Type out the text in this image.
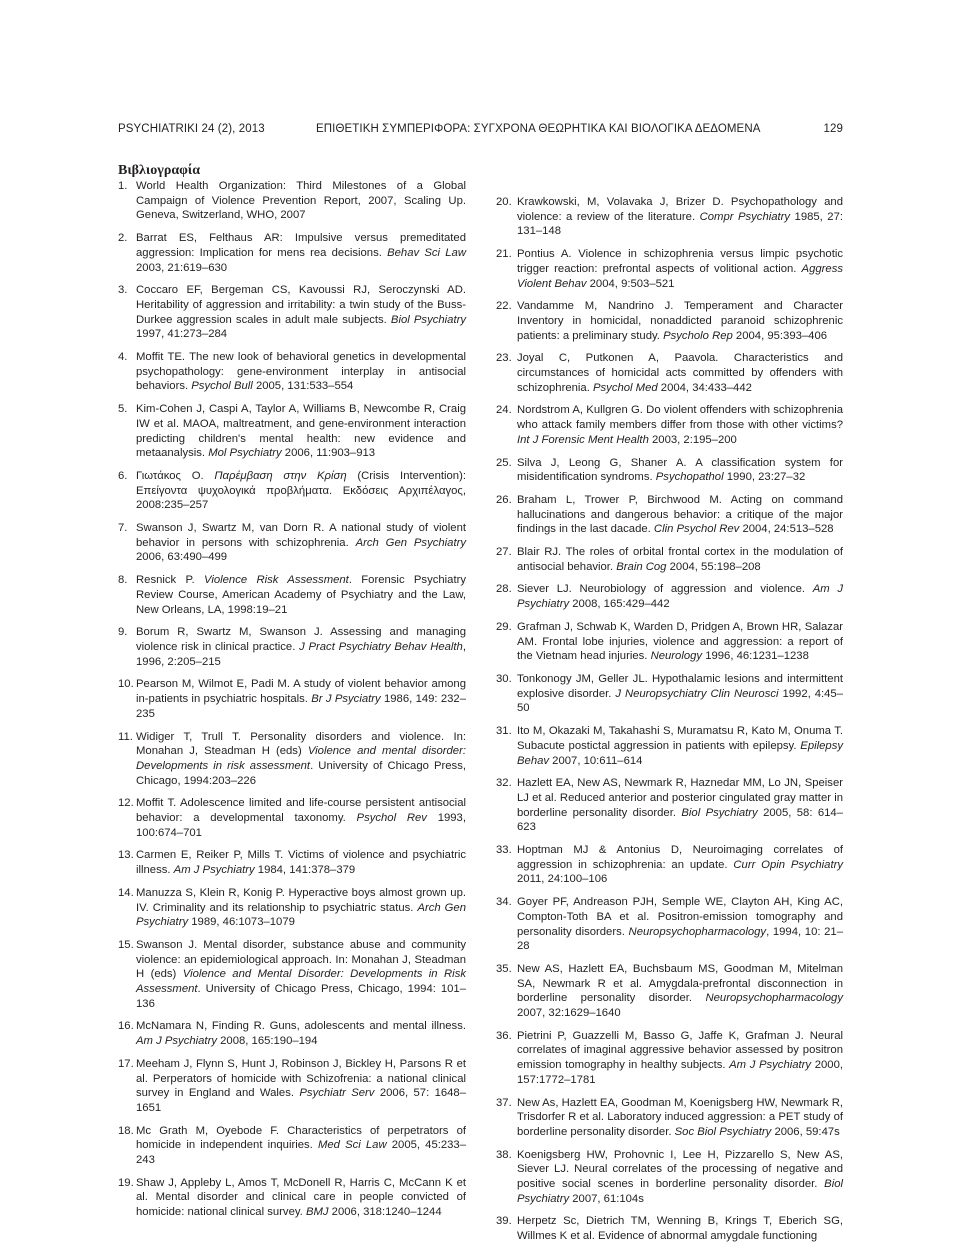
PSYCHIATRIKI 24 (2), 2013	ΕΠΙΘΕΤΙΚΗ ΣΥΜΠΕΡΙΦΟΡΑ: ΣΥΓΧΡΟΝΑ ΘΕΩΡΗΤΙΚΑ ΚΑΙ ΒΙΟΛΟΓΙΚΑ ΔΕΔΟΜΕΝΑ	129
Βιβλιογραφία
1. World Health Organization: Third Milestones of a Global Campaign of Violence Prevention Report, 2007, Scaling Up. Geneva, Switzerland, WHO, 2007
2. Barrat ES, Felthaus AR: Impulsive versus premeditated aggression: Implication for mens rea decisions. Behav Sci Law 2003, 21:619–630
3. Coccaro EF, Bergeman CS, Kavoussi RJ, Seroczynski AD. Heritability of aggression and irritability: a twin study of the Buss-Durkee aggression scales in adult male subjects. Biol Psychiatry 1997, 41:273–284
4. Moffit TE. The new look of behavioral genetics in developmental psychopathology: gene-environment interplay in antisocial behaviors. Psychol Bull 2005, 131:533–554
5. Kim-Cohen J, Caspi A, Taylor A, Williams B, Newcombe R, Craig IW et al. MAOA, maltreatment, and gene-environment interaction predicting children's mental health: new evidence and metaanalysis. Mol Psychiatry 2006, 11:903–913
6. Γιωτάκος Ο. Παρέμβαση στην Κρίση (Crisis Intervention): Επείγοντα ψυχολογικά προβλήματα. Εκδόσεις Αρχιπέλαγος, 2008:235–257
7. Swanson J, Swartz M, van Dorn R. A national study of violent behavior in persons with schizophrenia. Arch Gen Psychiatry 2006, 63:490–499
8. Resnick P. Violence Risk Assessment. Forensic Psychiatry Review Course, American Academy of Psychiatry and the Law, New Orleans, LA, 1998:19–21
9. Borum R, Swartz M, Swanson J. Assessing and managing violence risk in clinical practice. J Pract Psychiatry Behav Health, 1996, 2:205–215
10. Pearson M, Wilmot E, Padi M. A study of violent behavior among in-patients in psychiatric hospitals. Br J Psyciatry 1986, 149: 232–235
11. Widiger T, Trull T. Personality disorders and violence. In: Monahan J, Steadman H (eds) Violence and mental disorder: Developments in risk assessment. University of Chicago Press, Chicago, 1994:203–226
12. Moffit T. Adolescence limited and life-course persistent antisocial behavior: a developmental taxonomy. Psychol Rev 1993, 100:674–701
13. Carmen E, Reiker P, Mills T. Victims of violence and psychiatric illness. Am J Psychiatry 1984, 141:378–379
14. Manuzza S, Klein R, Konig P. Hyperactive boys almost grown up. IV. Criminality and its relationship to psychiatric status. Arch Gen Psychiatry 1989, 46:1073–1079
15. Swanson J. Mental disorder, substance abuse and community violence: an epidemiological approach. In: Monahan J, Steadman H (eds) Violence and Mental Disorder: Developments in Risk Assessment. University of Chicago Press, Chicago, 1994: 101–136
16. McNamara N, Finding R. Guns, adolescents and mental illness. Am J Psychiatry 2008, 165:190–194
17. Meeham J, Flynn S, Hunt J, Robinson J, Bickley H, Parsons R et al. Perperators of homicide with Schizofrenia: a national clinical survey in England and Wales. Psychiatr Serv 2006, 57: 1648–1651
18. Mc Grath M, Oyebode F. Characteristics of perpetrators of homicide in independent inquiries. Med Sci Law 2005, 45:233–243
19. Shaw J, Appleby L, Amos T, McDonell R, Harris C, McCann K et al. Mental disorder and clinical care in people convicted of homicide: national clinical survey. BMJ 2006, 318:1240–1244
20. Krawkowski, M, Volavaka J, Brizer D. Psychopathology and violence: a review of the literature. Compr Psychiatry 1985, 27: 131–148
21. Pontius A. Violence in schizophrenia versus limpic psychotic trigger reaction: prefrontal aspects of volitional action. Aggress Violent Behav 2004, 9:503–521
22. Vandamme M, Nandrino J. Temperament and Character Inventory in homicidal, nonaddicted paranoid schizophrenic patients: a preliminary study. Psycholo Rep 2004, 95:393–406
23. Joyal C, Putkonen A, Paavola. Characteristics and circumstances of homicidal acts committed by offenders with schizophrenia. Psychol Med 2004, 34:433–442
24. Nordstrom A, Kullgren G. Do violent offenders with schizophrenia who attack family members differ from those with other victims? Int J Forensic Ment Health 2003, 2:195–200
25. Silva J, Leong G, Shaner A. A classification system for misidentification syndroms. Psychopathol 1990, 23:27–32
26. Braham L, Trower P, Birchwood M. Acting on command hallucinations and dangerous behavior: a critique of the major findings in the last dacade. Clin Psychol Rev 2004, 24:513–528
27. Blair RJ. The roles of orbital frontal cortex in the modulation of antisocial behavior. Brain Cog 2004, 55:198–208
28. Siever LJ. Neurobiology of aggression and violence. Am J Psychiatry 2008, 165:429–442
29. Grafman J, Schwab K, Warden D, Pridgen A, Brown HR, Salazar AM. Frontal lobe injuries, violence and aggression: a report of the Vietnam head injuries. Neurology 1996, 46:1231–1238
30. Tonkonogy JM, Geller JL. Hypothalamic lesions and intermittent explosive disorder. J Neuropsychiatry Clin Neurosci 1992, 4:45–50
31. Ito M, Okazaki M, Takahashi S, Muramatsu R, Kato M, Onuma T. Subacute postictal aggression in patients with epilepsy. Epilepsy Behav 2007, 10:611–614
32. Hazlett EA, New AS, Newmark R, Haznedar MM, Lo JN, Speiser LJ et al. Reduced anterior and posterior cingulated gray matter in borderline personality disorder. Biol Psychiatry 2005, 58: 614–623
33. Hoptman MJ & Antonius D, Neuroimaging correlates of aggression in schizophrenia: an update. Curr Opin Psychiatry 2011, 24:100–106
34. Goyer PF, Andreason PJH, Semple WE, Clayton AH, King AC, Compton-Toth BA et al. Positron-emission tomography and personality disorders. Neuropsychopharmacology, 1994, 10: 21–28
35. New AS, Hazlett EA, Buchsbaum MS, Goodman M, Mitelman SA, Newmark R et al. Amygdala-prefrontal disconnection in borderline personality disorder. Neuropsychopharmacology 2007, 32:1629–1640
36. Pietrini P, Guazzelli M, Basso G, Jaffe K, Grafman J. Neural correlates of imaginal aggressive behavior assessed by positron emission tomography in healthy subjects. Am J Psychiatry 2000, 157:1772–1781
37. New As, Hazlett EA, Goodman M, Koenigsberg HW, Newmark R, Trisdorfer R et al. Laboratory induced aggression: a PET study of borderline personality disorder. Soc Biol Psychiatry 2006, 59:47s
38. Koenigsberg HW, Prohovnic I, Lee H, Pizzarello S, New AS, Siever LJ. Neural correlates of the processing of negative and positive social scenes in borderline personality disorder. Biol Psychiatry 2007, 61:104s
39. Herpetz Sc, Dietrich TM, Wenning B, Krings T, Eberich SG, Willmes K et al. Evidence of abnormal amygdale functioning
